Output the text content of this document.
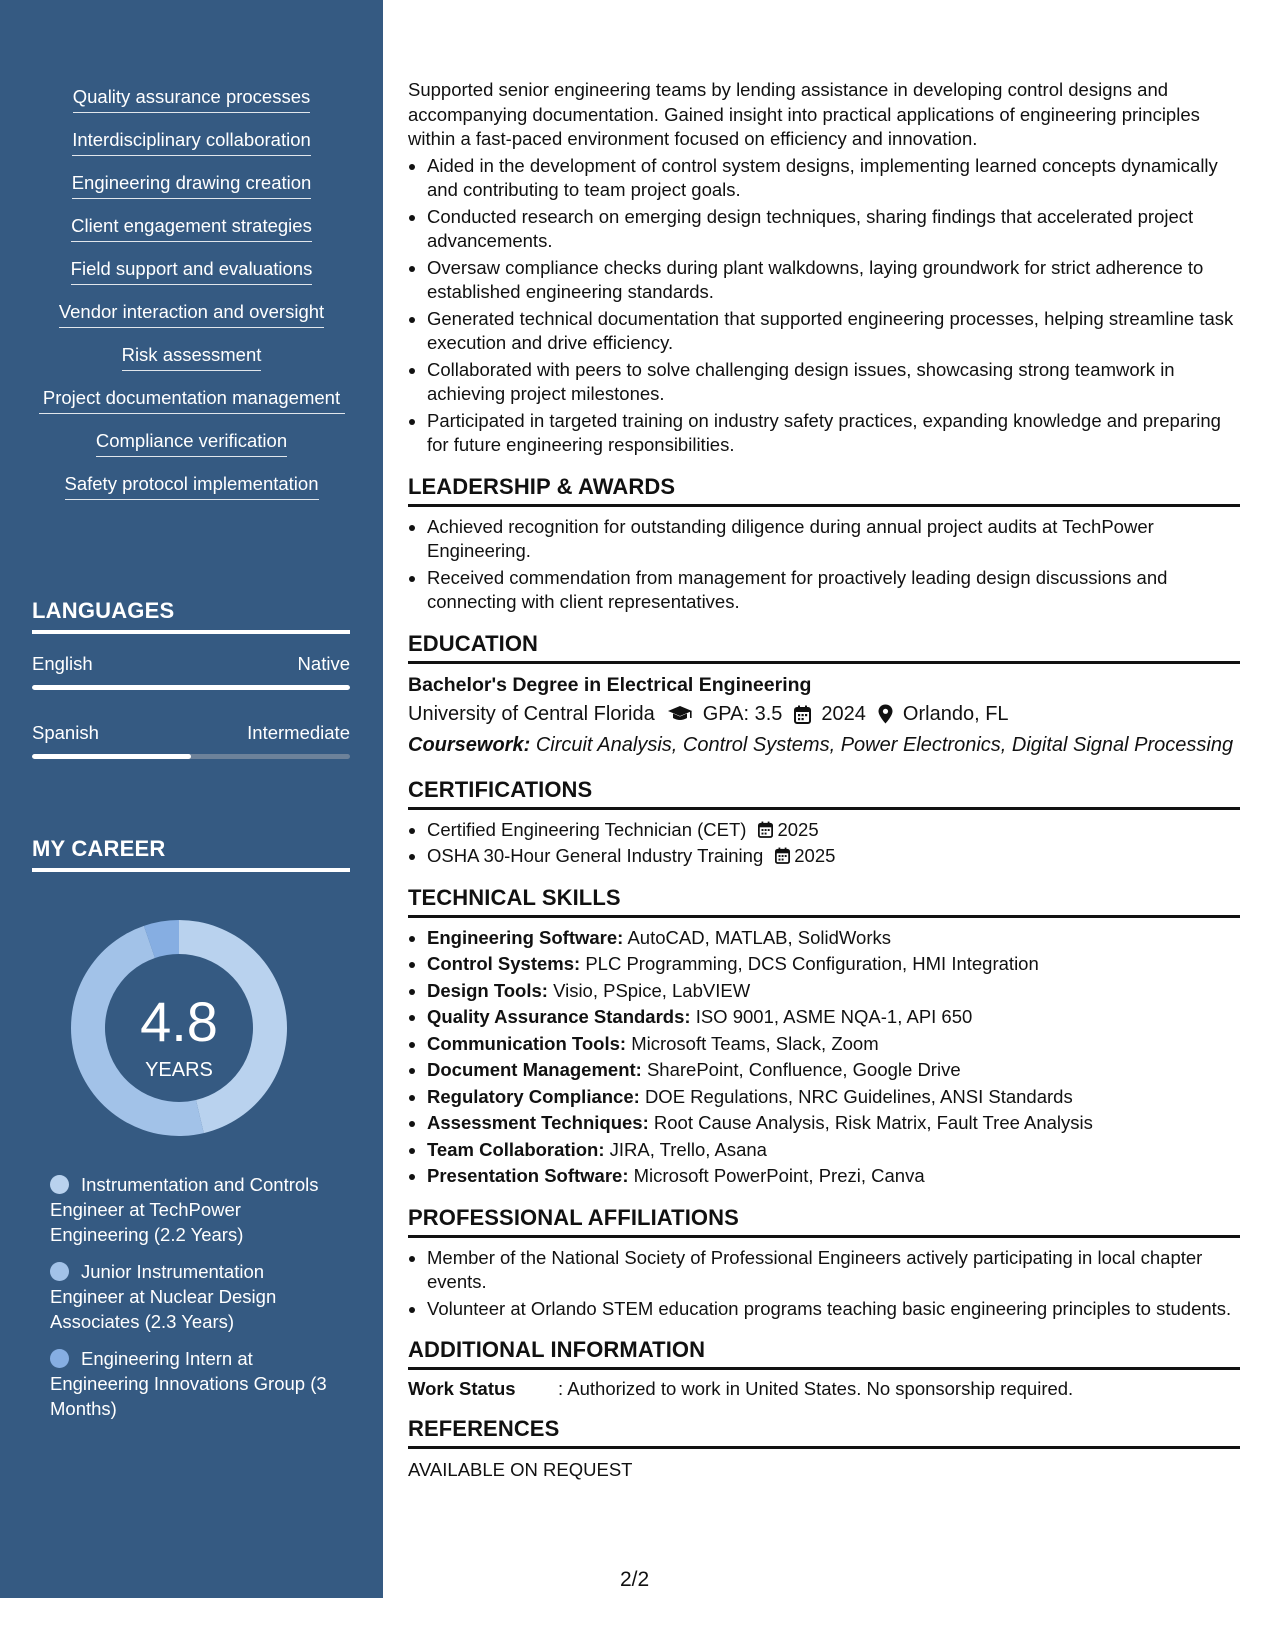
Quality assurance processes
Interdisciplinary collaboration
Engineering drawing creation
Client engagement strategies
Field support and evaluations
Vendor interaction and oversight
Risk assessment
Project documentation management
Compliance verification
Safety protocol implementation
LANGUAGES
English	Native
Spanish	Intermediate
MY CAREER
4.8
YEARS
Instrumentation and Controls Engineer at TechPower Engineering (2.2 Years)
Junior Instrumentation Engineer at Nuclear Design Associates (2.3 Years)
Engineering Intern at Engineering Innovations Group (3 Months)

Supported senior engineering teams by lending assistance in developing control designs and accompanying documentation. Gained insight into practical applications of engineering principles within a fast-paced environment focused on efficiency and innovation.

• Aided in the development of control system designs, implementing learned concepts dynamically and contributing to team project goals.
• Conducted research on emerging design techniques, sharing findings that accelerated project advancements.
• Oversaw compliance checks during plant walkdowns, laying groundwork for strict adherence to established engineering standards.
• Generated technical documentation that supported engineering processes, helping streamline task execution and drive efficiency.
• Collaborated with peers to solve challenging design issues, showcasing strong teamwork in achieving project milestones.
• Participated in targeted training on industry safety practices, expanding knowledge and preparing for future engineering responsibilities.
LEADERSHIP & AWARDS
• Achieved recognition for outstanding diligence during annual project audits at TechPower Engineering.
• Received commendation from management for proactively leading design discussions and connecting with client representatives.
EDUCATION
Bachelor's Degree in Electrical Engineering
University of Central Florida GPA: 3.5 2024 Orlando, FL
Coursework: Circuit Analysis, Control Systems, Power Electronics, Digital Signal Processing
CERTIFICATIONS
• Certified Engineering Technician (CET) 2025
• OSHA 30-Hour General Industry Training 2025
TECHNICAL SKILLS
• Engineering Software: AutoCAD, MATLAB, SolidWorks
• Control Systems: PLC Programming, DCS Configuration, HMI Integration
• Design Tools: Visio, PSpice, LabVIEW
• Quality Assurance Standards: ISO 9001, ASME NQA-1, API 650
• Communication Tools: Microsoft Teams, Slack, Zoom
• Document Management: SharePoint, Confluence, Google Drive
• Regulatory Compliance: DOE Regulations, NRC Guidelines, ANSI Standards
• Assessment Techniques: Root Cause Analysis, Risk Matrix, Fault Tree Analysis
• Team Collaboration: JIRA, Trello, Asana
• Presentation Software: Microsoft PowerPoint, Prezi, Canva
PROFESSIONAL AFFILIATIONS
• Member of the National Society of Professional Engineers actively participating in local chapter events.
• Volunteer at Orlando STEM education programs teaching basic engineering principles to students.
ADDITIONAL INFORMATION
Work Status	: Authorized to work in United States. No sponsorship required.
REFERENCES
AVAILABLE ON REQUEST
2/2
